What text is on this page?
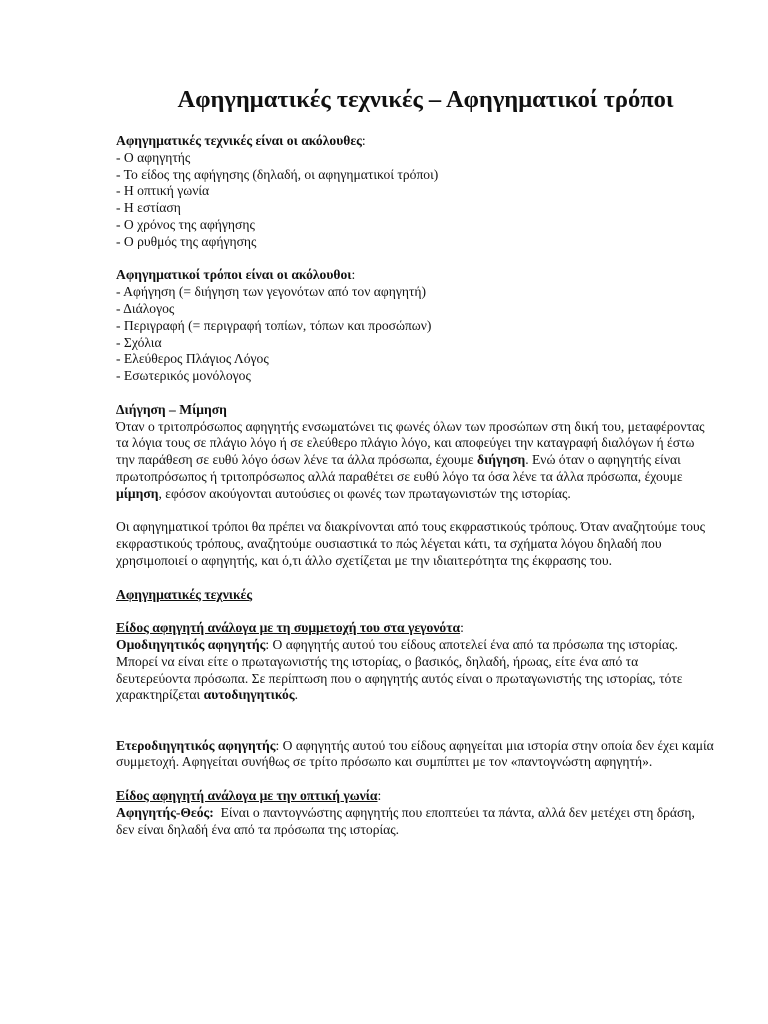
Αφηγηματικές τεχνικές – Αφηγηματικοί τρόποι

Αφηγηματικές τεχνικές είναι οι ακόλουθες:

- Ο αφηγητής

- Το είδος της αφήγησης (δηλαδή, οι αφηγηματικοί τρόποι)

- Η οπτική γωνία

- Η εστίαση

- Ο χρόνος της αφήγησης

- Ο ρυθμός της αφήγησης

Αφηγηματικοί τρόποι είναι οι ακόλουθοι:

- Αφήγηση (= διήγηση των γεγονότων από τον αφηγητή)

- Διάλογος

- Περιγραφή (= περιγραφή τοπίων, τόπων και προσώπων)

- Σχόλια

- Ελεύθερος Πλάγιος Λόγος

- Εσωτερικός μονόλογος

Διήγηση – Μίμηση

Όταν ο τριτοπρόσωπος αφηγητής ενσωματώνει τις φωνές όλων των προσώπων στη δική του, μεταφέροντας τα λόγια τους σε πλάγιο λόγο ή σε ελεύθερο πλάγιο λόγο, και αποφεύγει την καταγραφή διαλόγων ή έστω την παράθεση σε ευθύ λόγο όσων λένε τα άλλα πρόσωπα, έχουμε διήγηση. Ενώ όταν ο αφηγητής είναι πρωτοπρόσωπος ή τριτοπρόσωπος αλλά παραθέτει σε ευθύ λόγο τα όσα λένε τα άλλα πρόσωπα, έχουμε μίμηση, εφόσον ακούγονται αυτούσιες οι φωνές των πρωταγωνιστών της ιστορίας.

Οι αφηγηματικοί τρόποι θα πρέπει να διακρίνονται από τους εκφραστικούς τρόπους. Όταν αναζητούμε τους εκφραστικούς τρόπους, αναζητούμε ουσιαστικά το πώς λέγεται κάτι, τα σχήματα λόγου δηλαδή που χρησιμοποιεί ο αφηγητής, και ό,τι άλλο σχετίζεται με την ιδιαιτερότητα της έκφρασης του.

Αφηγηματικές τεχνικές

Είδος αφηγητή ανάλογα με τη συμμετοχή του στα γεγονότα:

Ομοδιηγητικός αφηγητής: Ο αφηγητής αυτού του είδους αποτελεί ένα από τα πρόσωπα της ιστορίας. Μπορεί να είναι είτε ο πρωταγωνιστής της ιστορίας, ο βασικός, δηλαδή, ήρωας, είτε ένα από τα δευτερεύοντα πρόσωπα. Σε περίπτωση που ο αφηγητής αυτός είναι ο πρωταγωνιστής της ιστορίας, τότε χαρακτηρίζεται αυτοδιηγητικός.

Ετεροδιηγητικός αφηγητής: Ο αφηγητής αυτού του είδους αφηγείται μια ιστορία στην οποία δεν έχει καμία συμμετοχή. Αφηγείται συνήθως σε τρίτο πρόσωπο και συμπίπτει με τον «παντογνώστη αφηγητή».

Είδος αφηγητή ανάλογα με την οπτική γωνία:

Αφηγητής-Θεός:  Είναι ο παντογνώστης αφηγητής που εποπτεύει τα πάντα, αλλά δεν μετέχει στη δράση, δεν είναι δηλαδή ένα από τα πρόσωπα της ιστορίας.
